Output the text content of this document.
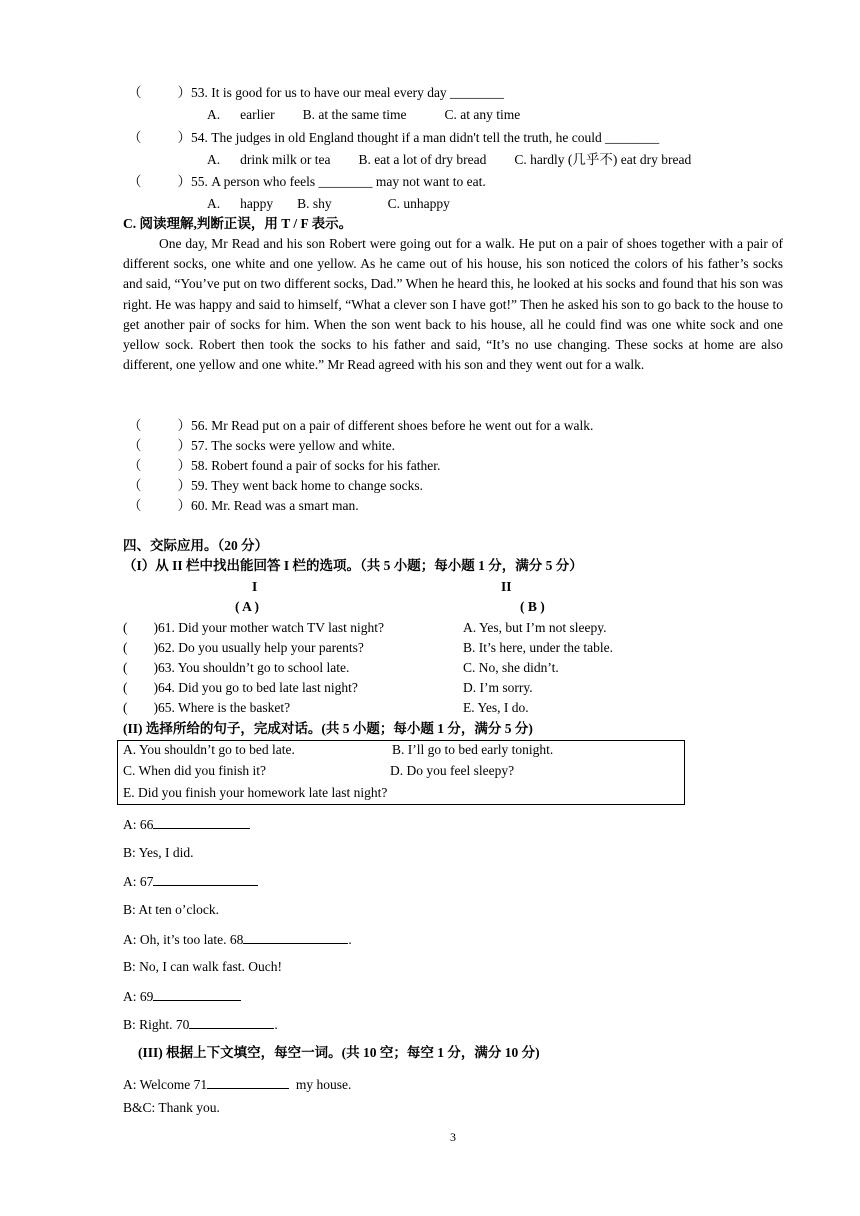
（	）53. It is good for us to have our meal every day ________
A. earlier B. at the same time	C. at any time
（	）54. The judges in old England thought if a man didn't tell the truth, he could ________
A. drink milk or tea B. eat a lot of dry bread C. hardly (几乎不) eat dry bread
（	）55. A person who feels ________ may not want to eat.
A. happy B. shy	C. unhappy
C. 阅读理解,判断正误，用 T / F 表示。
One day, Mr Read and his son Robert were going out for a walk. He put on a pair of shoes together with a pair of different socks, one white and one yellow. As he came out of his house, his son noticed the colors of his father’s socks and said, “You’ve put on two different socks, Dad.” When he heard this, he looked at his socks and found that his son was right. He was happy and said to himself, “What a clever son I have got!” Then he asked his son to go back to the house to get another pair of socks for him. When the son went back to his house, all he could find was one white sock and one yellow sock. Robert then took the socks to his father and said, “It’s no use changing. These socks at home are also different, one yellow and one white.” Mr Read agreed with his son and they went out for a walk.
（	）56. Mr Read put on a pair of different shoes before he went out for a walk.
（	）57. The socks were yellow and white.
（	）58. Robert found a pair of socks for his father.
（	）59. They went back home to change socks.
（	）60. Mr. Read was a smart man.
四、交际应用。（20 分）
（I）从 II 栏中找出能回答 I 栏的选项。（共 5 小题；每小题 1 分，满分 5 分）
I	II
( A )	( B )
( )61. Did your mother watch TV last night?	A. Yes, but I’m not sleepy.
( )62. Do you usually help your parents?	B. It’s here, under the table.
( )63. You shouldn’t go to school late.	C. No, she didn’t.
( )64. Did you go to bed late last night?	D. I’m sorry.
( )65. Where is the basket?	E. Yes, I do.
(II) 选择所给的句子，完成对话。(共 5 小题；每小题 1 分，满分 5 分)
A. You shouldn’t go to bed late.	B. I’ll go to bed early tonight.
C. When did you finish it?	D. Do you feel sleepy?
E. Did you finish your homework late last night?
A: 66
B: Yes, I did.
A: 67
B: At ten o’clock.
A: Oh, it’s too late. 68	.
B: No, I can walk fast. Ouch!
A: 69
B: Right. 70	.
(III) 根据上下文填空，每空一词。(共 10 空；每空 1 分，满分 10 分)
A: Welcome 71	my house.
B&C: Thank you.
3
